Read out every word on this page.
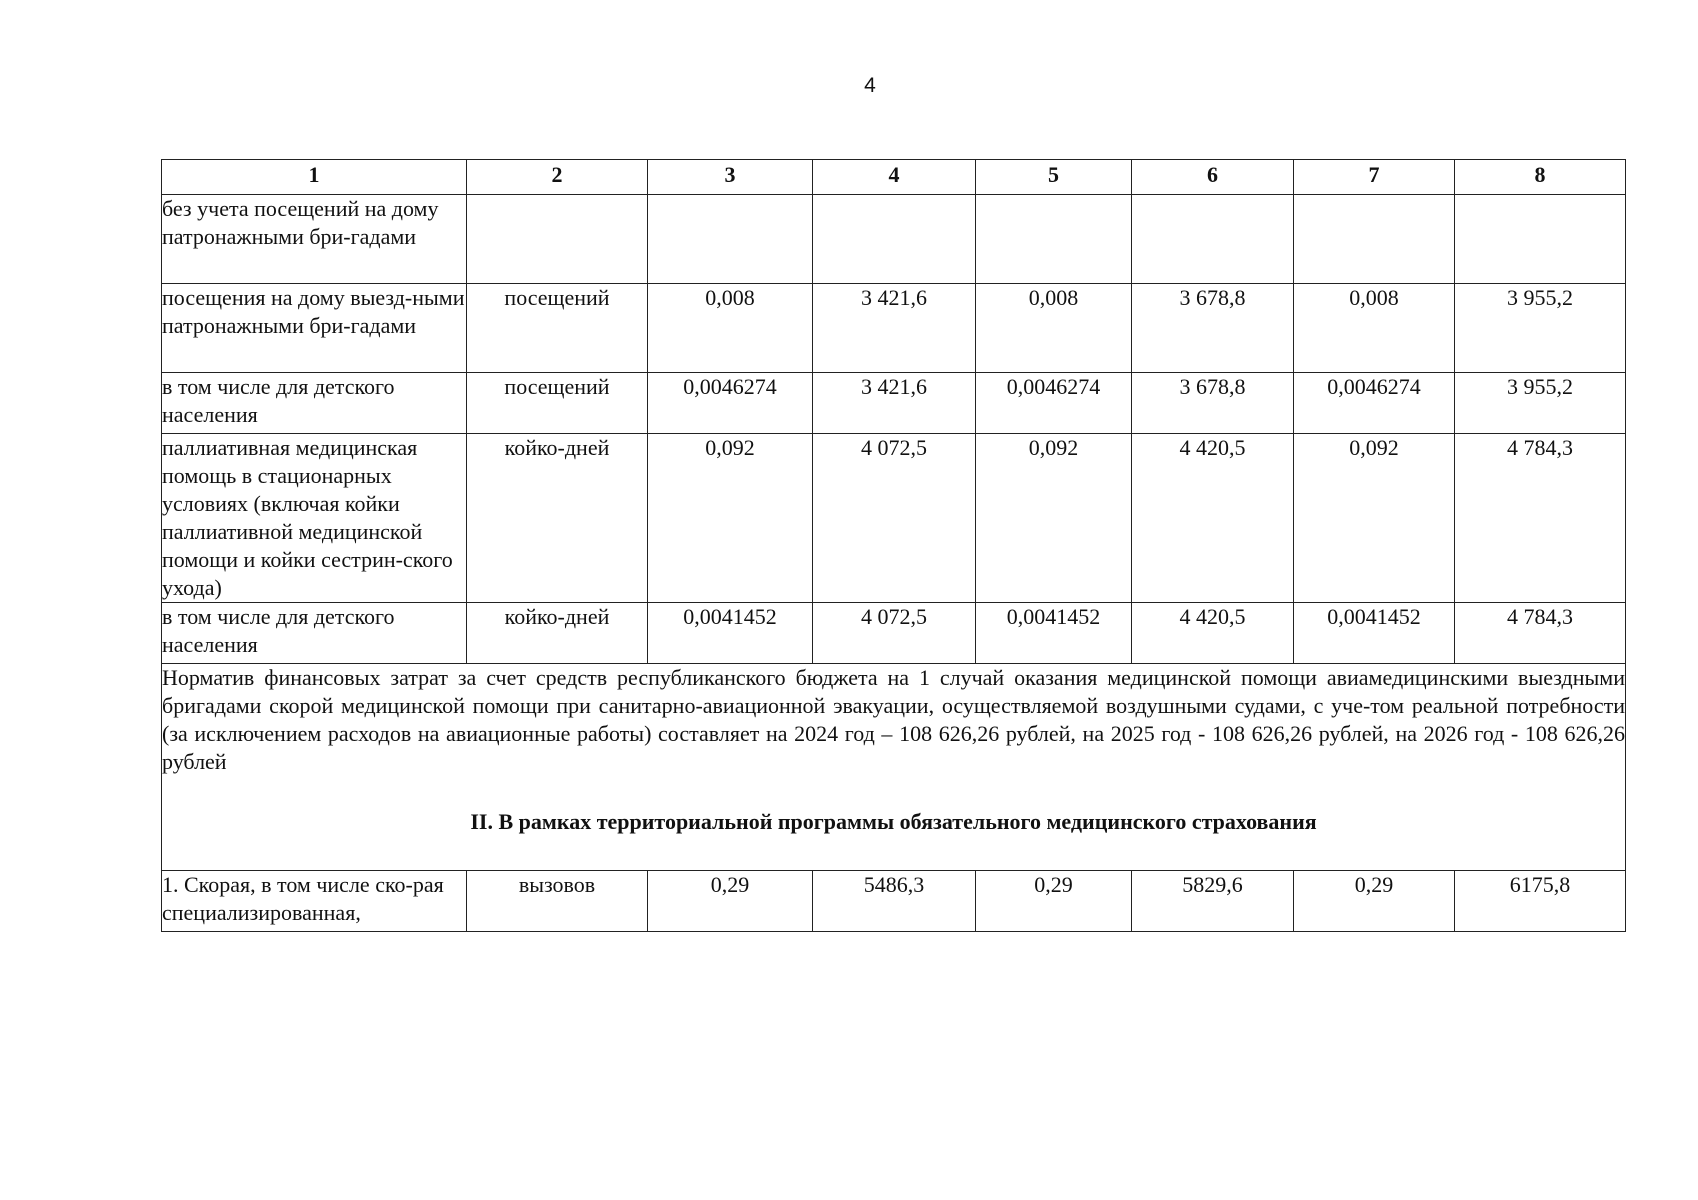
4
1	2	3	4	5	6	7	8
без учета посещений на дому патронажными бри-гадами							
посещения на дому выезд-ными патронажными бри-гадами	посещений	0,008	3 421,6	0,008	3 678,8	0,008	3 955,2
в том числе для детского населения	посещений	0,0046274	3 421,6	0,0046274	3 678,8	0,0046274	3 955,2
паллиативная медицинская помощь в стационарных условиях (включая койки паллиативной медицинской помощи и койки сестрин-ского ухода)	койко-дней	0,092	4 072,5	0,092	4 420,5	0,092	4 784,3
в том числе для детского населения	койко-дней	0,0041452	4 072,5	0,0041452	4 420,5	0,0041452	4 784,3

Норматив финансовых затрат за счет средств республиканского бюджета на 1 случай оказания медицинской помощи авиамедицинскими выездными бригадами скорой медицинской помощи при санитарно-авиационной эвакуации, осуществляемой воздушными судами, с уче-том реальной потребности (за исключением расходов на авиационные работы) составляет на 2024 год – 108 626,26 рублей, на 2025 год - 108 626,26 рублей, на 2026 год - 108 626,26 рублей
II. В рамках территориальной программы обязательного медицинского страхования							

1. Скорая, в том числе ско-рая специализированная,	вызовов	0,29	5486,3	0,29	5829,6	0,29	6175,8
